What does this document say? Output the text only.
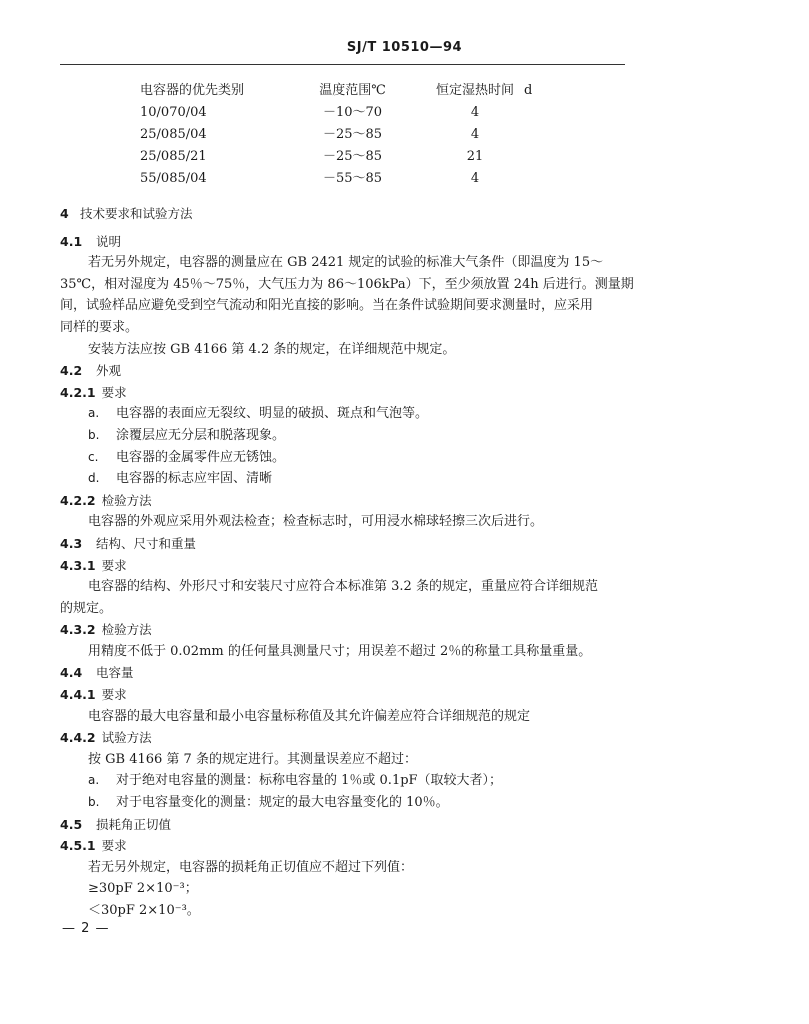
SJ/T 10510—94
电容器的优先类别	温度范围℃	恒定湿热时间 d
10/070/04	－10～70	4
25/085/04	－25～85	4
25/085/21	－25～85	21
55/085/04	－55～85	4
4 技术要求和试验方法
4.1 说明
若无另外规定，电容器的测量应在 GB 2421 规定的试验的标准大气条件（即温度为 15～
35℃，相对湿度为 45％～75％，大气压力为 86～106kPa）下，至少须放置 24h 后进行。测量期
间，试验样品应避免受到空气流动和阳光直接的影响。当在条件试验期间要求测量时，应采用
同样的要求。
安装方法应按 GB 4166 第 4.2 条的规定，在详细规范中规定。
4.2 外观
4.2.1 要求
a. 电容器的表面应无裂纹、明显的破损、斑点和气泡等。
b. 涂覆层应无分层和脱落现象。
c. 电容器的金属零件应无锈蚀。
d. 电容器的标志应牢固、清晰
4.2.2 检验方法
电容器的外观应采用外观法检查；检查标志时，可用浸水棉球轻擦三次后进行。
4.3 结构、尺寸和重量
4.3.1 要求
电容器的结构、外形尺寸和安装尺寸应符合本标准第 3.2 条的规定，重量应符合详细规范
的规定。
4.3.2 检验方法
用精度不低于 0.02mm 的任何量具测量尺寸；用误差不超过 2％的称量工具称量重量。
4.4 电容量
4.4.1 要求
电容器的最大电容量和最小电容量标称值及其允许偏差应符合详细规范的规定
4.4.2 试验方法
按 GB 4166 第 7 条的规定进行。其测量误差应不超过：
a. 对于绝对电容量的测量：标称电容量的 1％或 0.1pF（取较大者）；
b. 对于电容量变化的测量：规定的最大电容量变化的 10％。
4.5 损耗角正切值
4.5.1 要求
若无另外规定，电容器的损耗角正切值应不超过下列值：
≥30pF 2×10⁻³；
＜30pF 2×10⁻³。
— 2 —
